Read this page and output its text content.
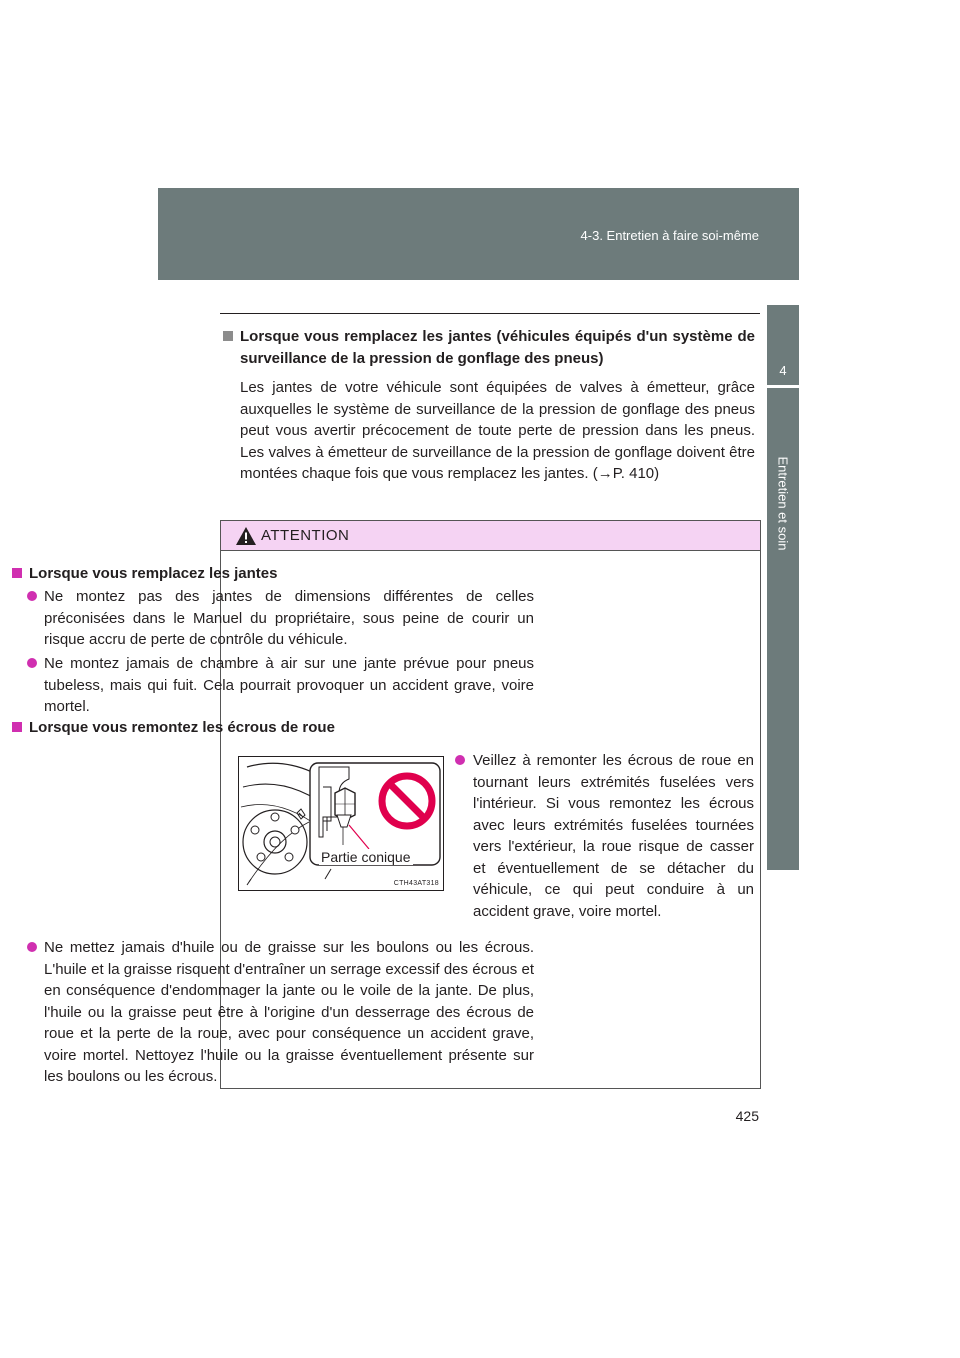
4-3. Entretien à faire soi-même
4
Entretien et soin

Lorsque vous remplacez les jantes (véhicules équipés d'un système de surveillance de la pression de gonflage des pneus)

Les jantes de votre véhicule sont équipées de valves à émetteur, grâce auxquelles le système de surveillance de la pression de gonflage des pneus peut vous avertir précocement de toute perte de pression dans les pneus. Les valves à émetteur de surveillance de la pression de gonflage doivent être montées chaque fois que vous remplacez les jantes. (→P. 410)

ATTENTION

Lorsque vous remplacez les jantes

Ne montez pas des jantes de dimensions différentes de celles préconisées dans le Manuel du propriétaire, sous peine de courir un risque accru de perte de contrôle du véhicule.

Ne montez jamais de chambre à air sur une jante prévue pour pneus tubeless, mais qui fuit. Cela pourrait provoquer un accident grave, voire mortel.

Lorsque vous remontez les écrous de roue

Veillez à remonter les écrous de roue en tournant leurs extrémités fuselées vers l'intérieur. Si vous remontez les écrous avec leurs extrémités fuselées tournées vers l'extérieur, la roue risque de casser et éventuellement de se détacher du véhicule, ce qui peut conduire à un accident grave, voire mortel.

Partie conique
CTH43AT318

Ne mettez jamais d'huile ou de graisse sur les boulons ou les écrous. L'huile et la graisse risquent d'entraîner un serrage excessif des écrous et en conséquence d'endommager la jante ou le voile de la jante. De plus, l'huile ou la graisse peut être à l'origine d'un desserrage des écrous de roue et la perte de la roue, avec pour conséquence un accident grave, voire mortel. Nettoyez l'huile ou la graisse éventuellement présente sur les boulons ou les écrous.

425
